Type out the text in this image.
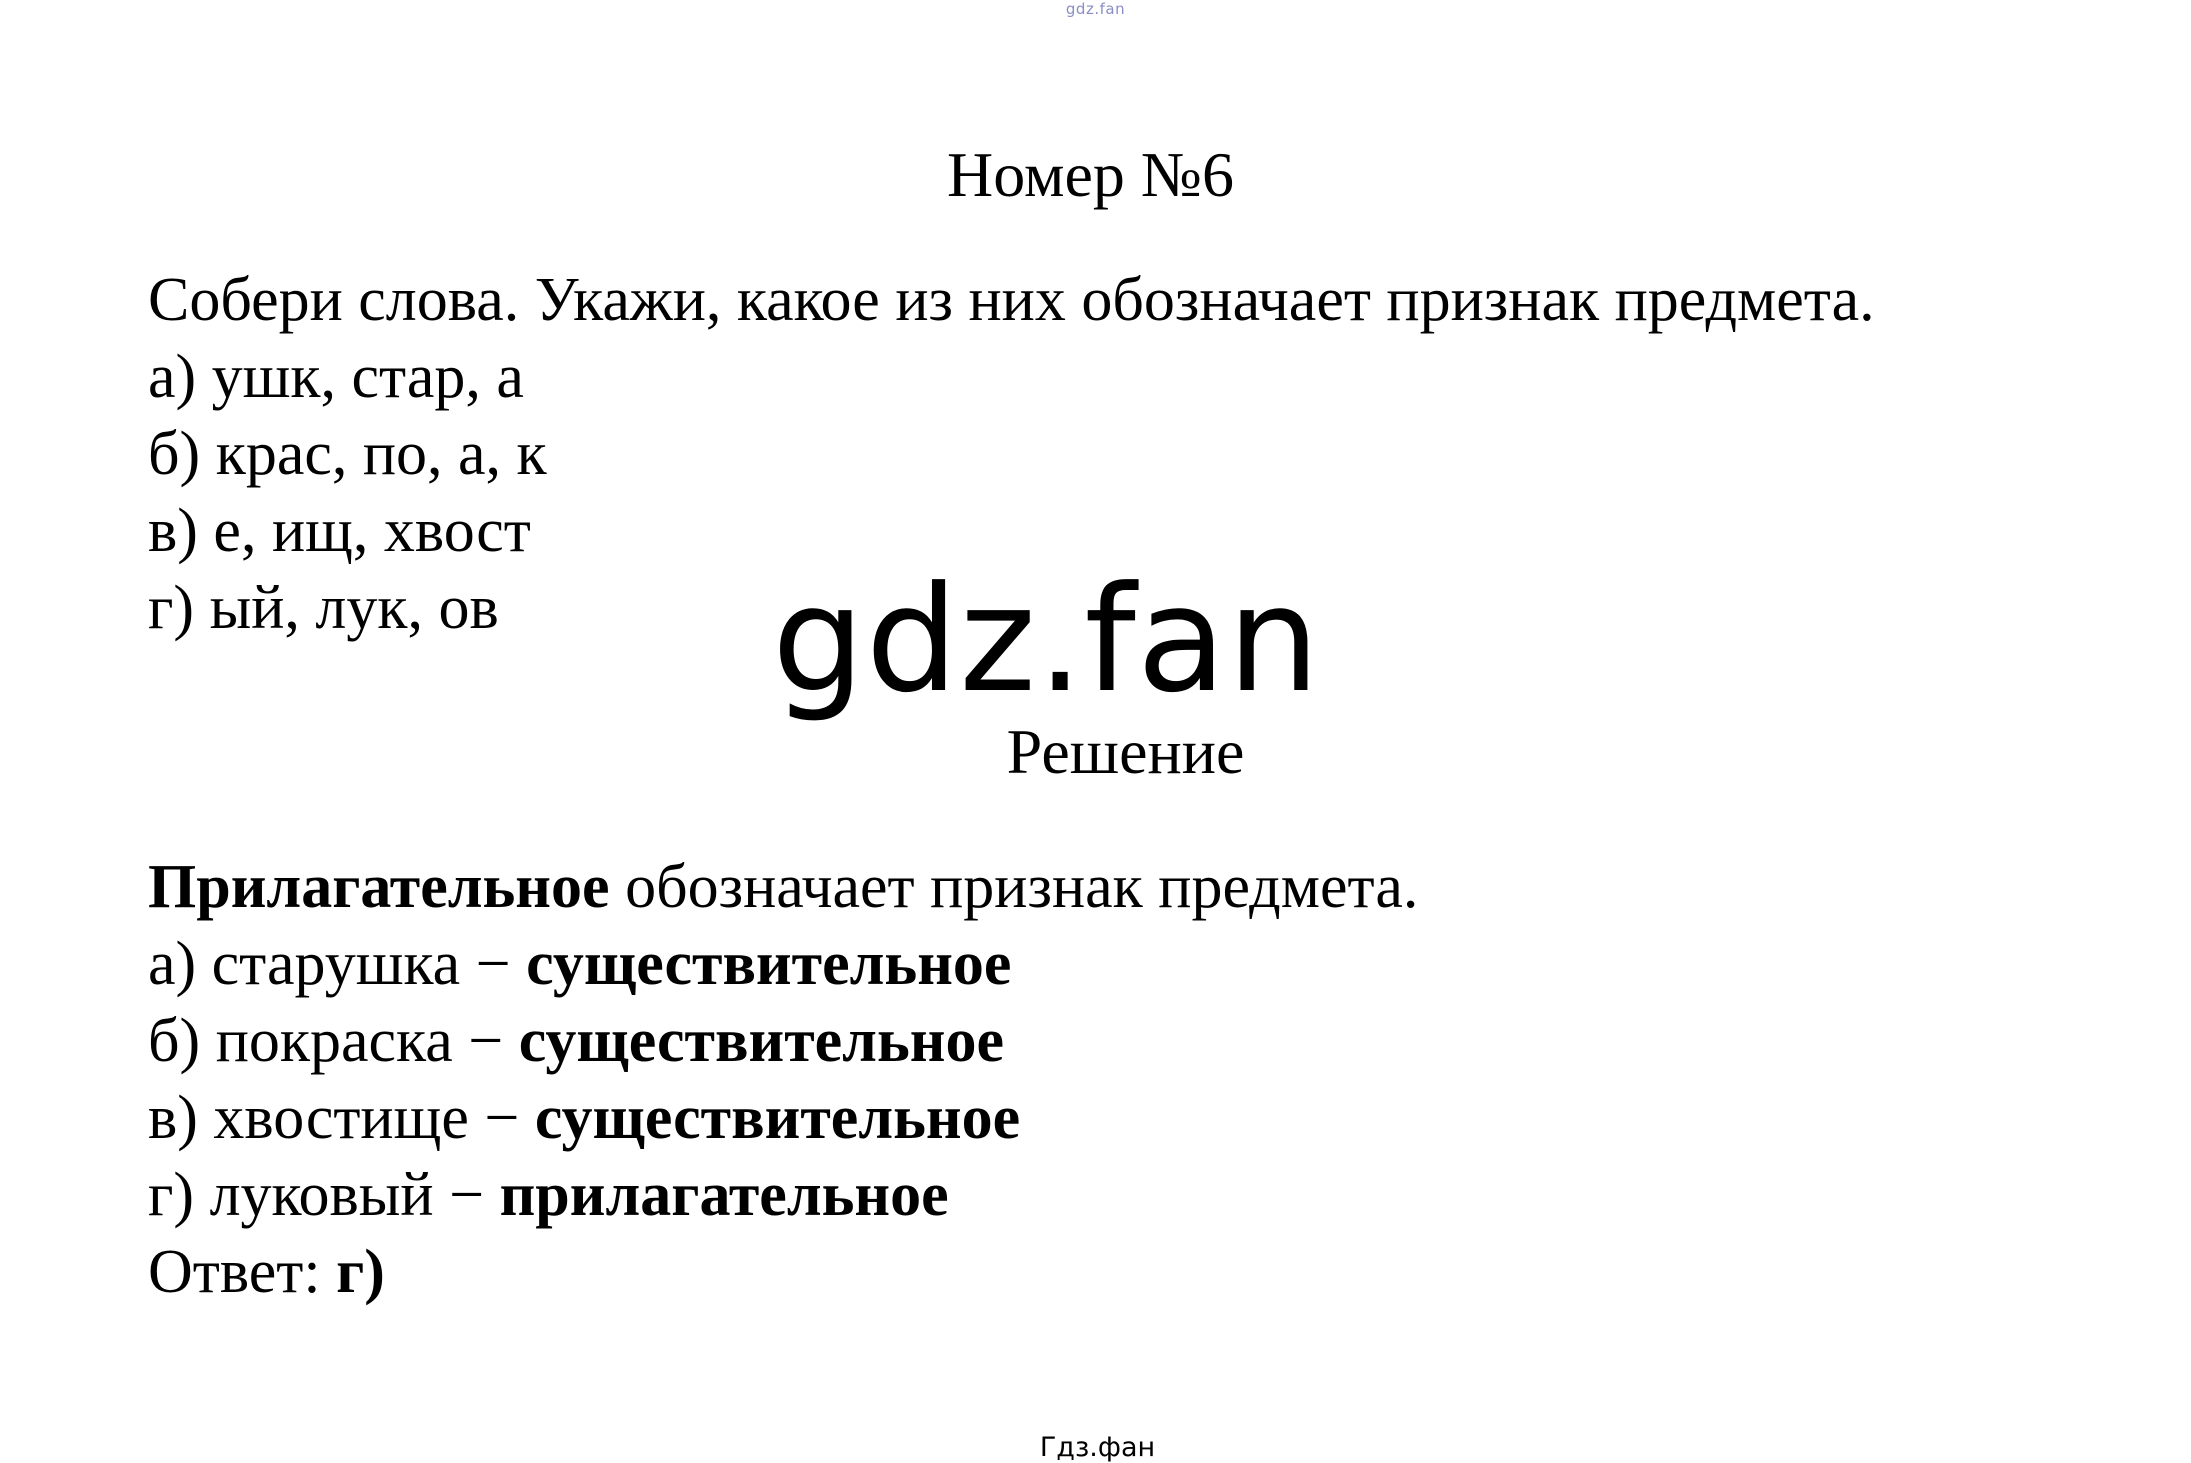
gdz.fan
Номер №6
Собери слова. Укажи, какое из них обозначает признак предмета.
а) ушк, стар, а
б) крас, по, а, к
в) е, ищ, хвост
г) ый, лук, ов	gdz.fan
Решение
Прилагательное обозначает признак предмета.
а) старушка − существительное
б) покраска − существительное
в) хвостище − существительное
г) луковый − прилагательное
Ответ: г)
Гдз.фан
